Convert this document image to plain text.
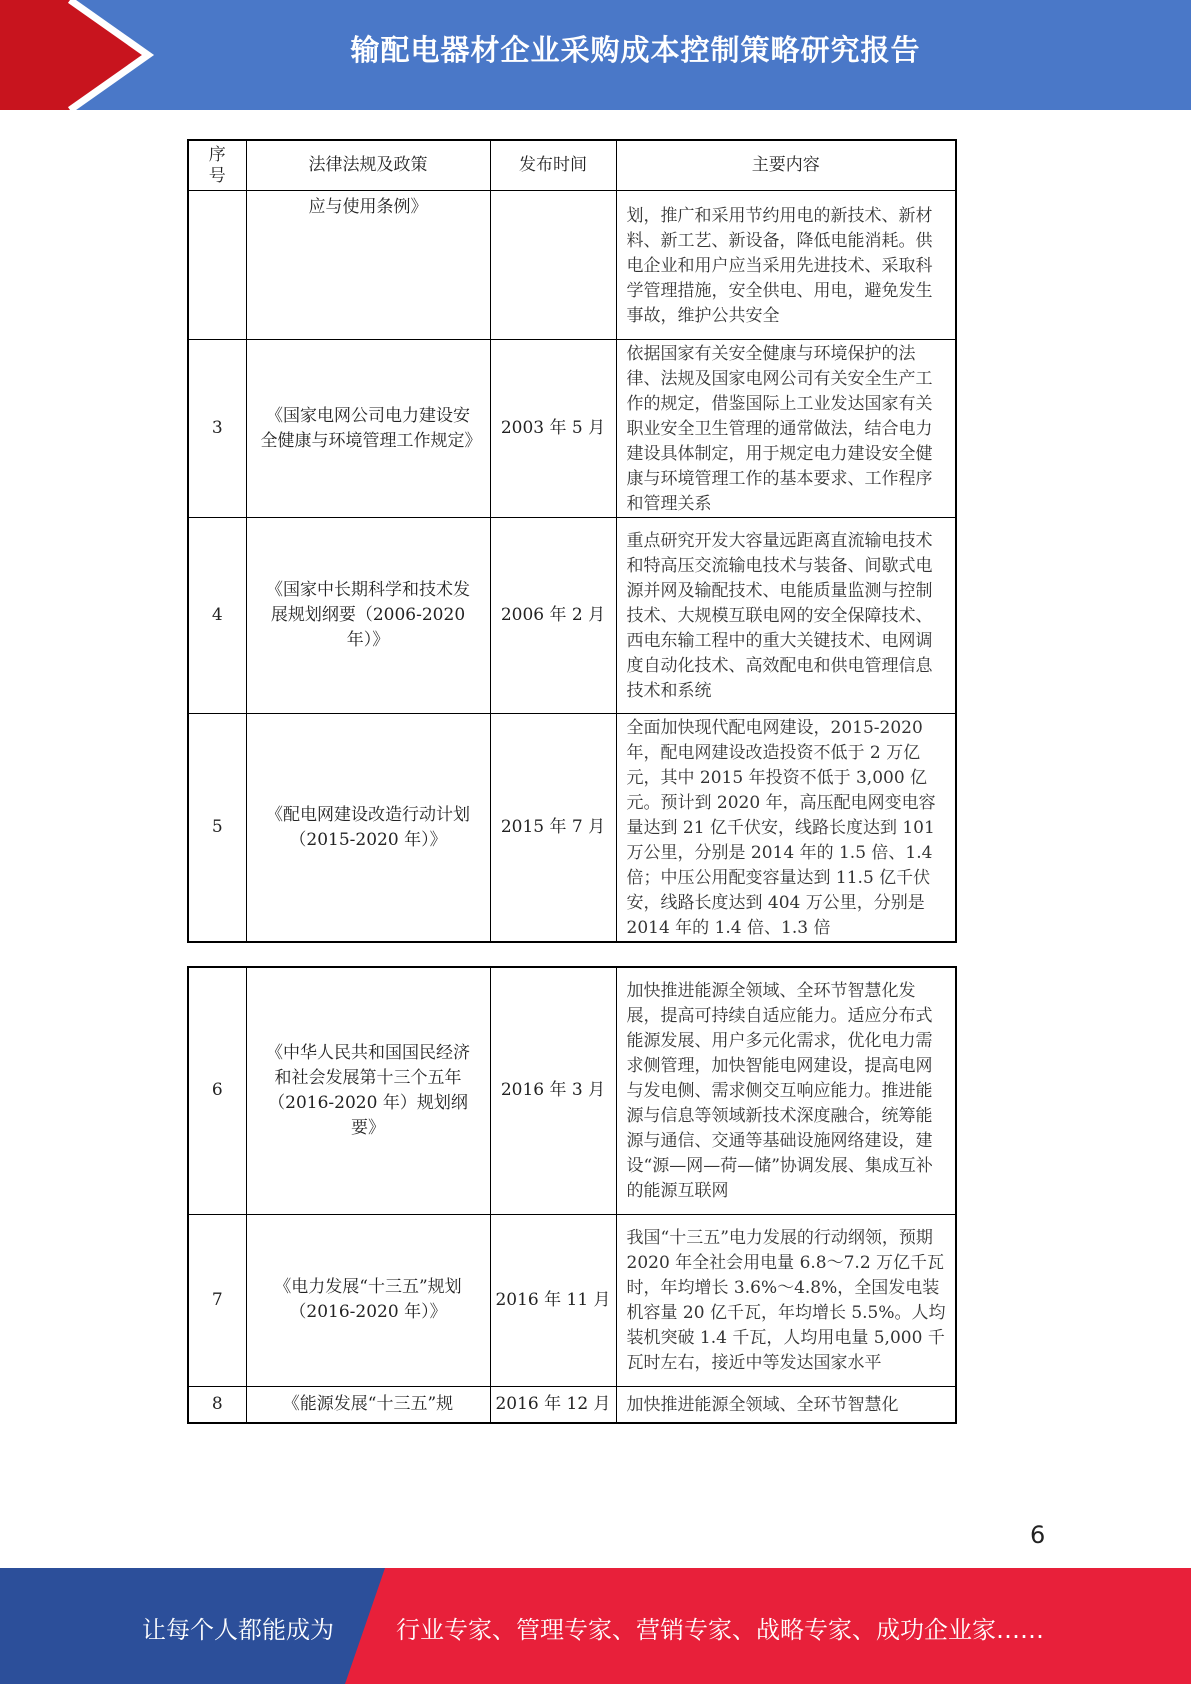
输配电器材企业采购成本控制策略研究报告
序号	法律法规及政策	发布时间	主要内容
	应与使用条例》		划，推广和采用节约用电的新技术、新材料、新工艺、新设备，降低电能消耗。供电企业和用户应当采用先进技术、采取科学管理措施，安全供电、用电，避免发生事故，维护公共安全
3	《国家电网公司电力建设安全健康与环境管理工作规定》	2003 年 5 月	依据国家有关安全健康与环境保护的法律、法规及国家电网公司有关安全生产工作的规定，借鉴国际上工业发达国家有关职业安全卫生管理的通常做法，结合电力建设具体制定，用于规定电力建设安全健康与环境管理工作的基本要求、工作程序和管理关系
4	《国家中长期科学和技术发展规划纲要（2006-2020 年）》	2006 年 2 月	重点研究开发大容量远距离直流输电技术和特高压交流输电技术与装备、间歇式电源并网及输配技术、电能质量监测与控制技术、大规模互联电网的安全保障技术、西电东输工程中的重大关键技术、电网调度自动化技术、高效配电和供电管理信息技术和系统
5	《配电网建设改造行动计划（2015-2020 年）》	2015 年 7 月	全面加快现代配电网建设，2015-2020 年，配电网建设改造投资不低于 2 万亿元，其中 2015 年投资不低于 3,000 亿元。预计到 2020 年，高压配电网变电容量达到 21 亿千伏安，线路长度达到 101 万公里，分别是 2014 年的 1.5 倍、1.4 倍；中压公用配变容量达到 11.5 亿千伏安，线路长度达到 404 万公里，分别是 2014 年的 1.4 倍、1.3 倍
6	《中华人民共和国国民经济和社会发展第十三个五年（2016-2020 年）规划纲要》	2016 年 3 月	加快推进能源全领域、全环节智慧化发展，提高可持续自适应能力。适应分布式能源发展、用户多元化需求，优化电力需求侧管理，加快智能电网建设，提高电网与发电侧、需求侧交互响应能力。推进能源与信息等领域新技术深度融合，统筹能源与通信、交通等基础设施网络建设，建设“源—网—荷—储”协调发展、集成互补的能源互联网
7	《电力发展“十三五”规划（2016-2020 年）》	2016 年 11 月	我国“十三五”电力发展的行动纲领，预期 2020 年全社会用电量 6.8～7.2 万亿千瓦时，年均增长 3.6%～4.8%，全国发电装机容量 20 亿千瓦，年均增长 5.5%。人均装机突破 1.4 千瓦，人均用电量 5,000 千瓦时左右，接近中等发达国家水平
8	《能源发展“十三五”规	2016 年 12 月	加快推进能源全领域、全环节智慧化
6
让每个人都能成为	行业专家、管理专家、营销专家、战略专家、成功企业家……
